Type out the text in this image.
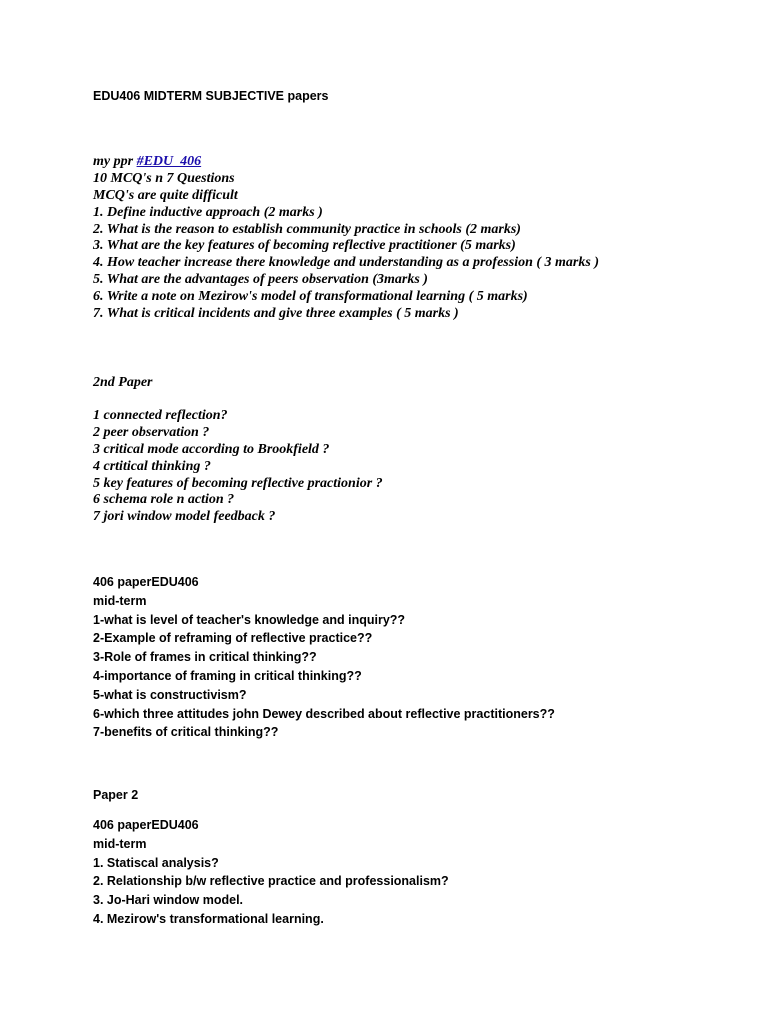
EDU406 MIDTERM SUBJECTIVE papers
my ppr #EDU_406
10 MCQ's n 7 Questions
MCQ's are quite difficult
1. Define inductive approach (2 marks )
2. What is the reason to establish community practice in schools (2 marks)
3. What are the key features of becoming reflective practitioner (5 marks)
4. How teacher increase there knowledge and understanding as a profession ( 3 marks )
5. What are the advantages of peers observation (3marks )
6. Write a note on Mezirow's model of transformational learning ( 5 marks)
7. What is critical incidents and give three examples ( 5 marks )
2nd Paper
1 connected reflection?
2 peer observation ?
3 critical mode according to Brookfield ?
4 crtitical thinking ?
5 key features of becoming reflective practionior ?
6 schema role n action ?
7 jori window model feedback ?
406 paperEDU406
mid-term
1-what is level of teacher's knowledge and inquiry??
2-Example of reframing of reflective practice??
3-Role of frames in critical thinking??
4-importance of framing in critical thinking??
5-what is constructivism?
6-which three attitudes john Dewey described about reflective practitioners??
7-benefits of critical thinking??
Paper 2
406 paperEDU406
mid-term
1. Statiscal analysis?
2. Relationship b/w reflective practice and professionalism?
3. Jo-Hari window model.
4. Mezirow's transformational learning.
